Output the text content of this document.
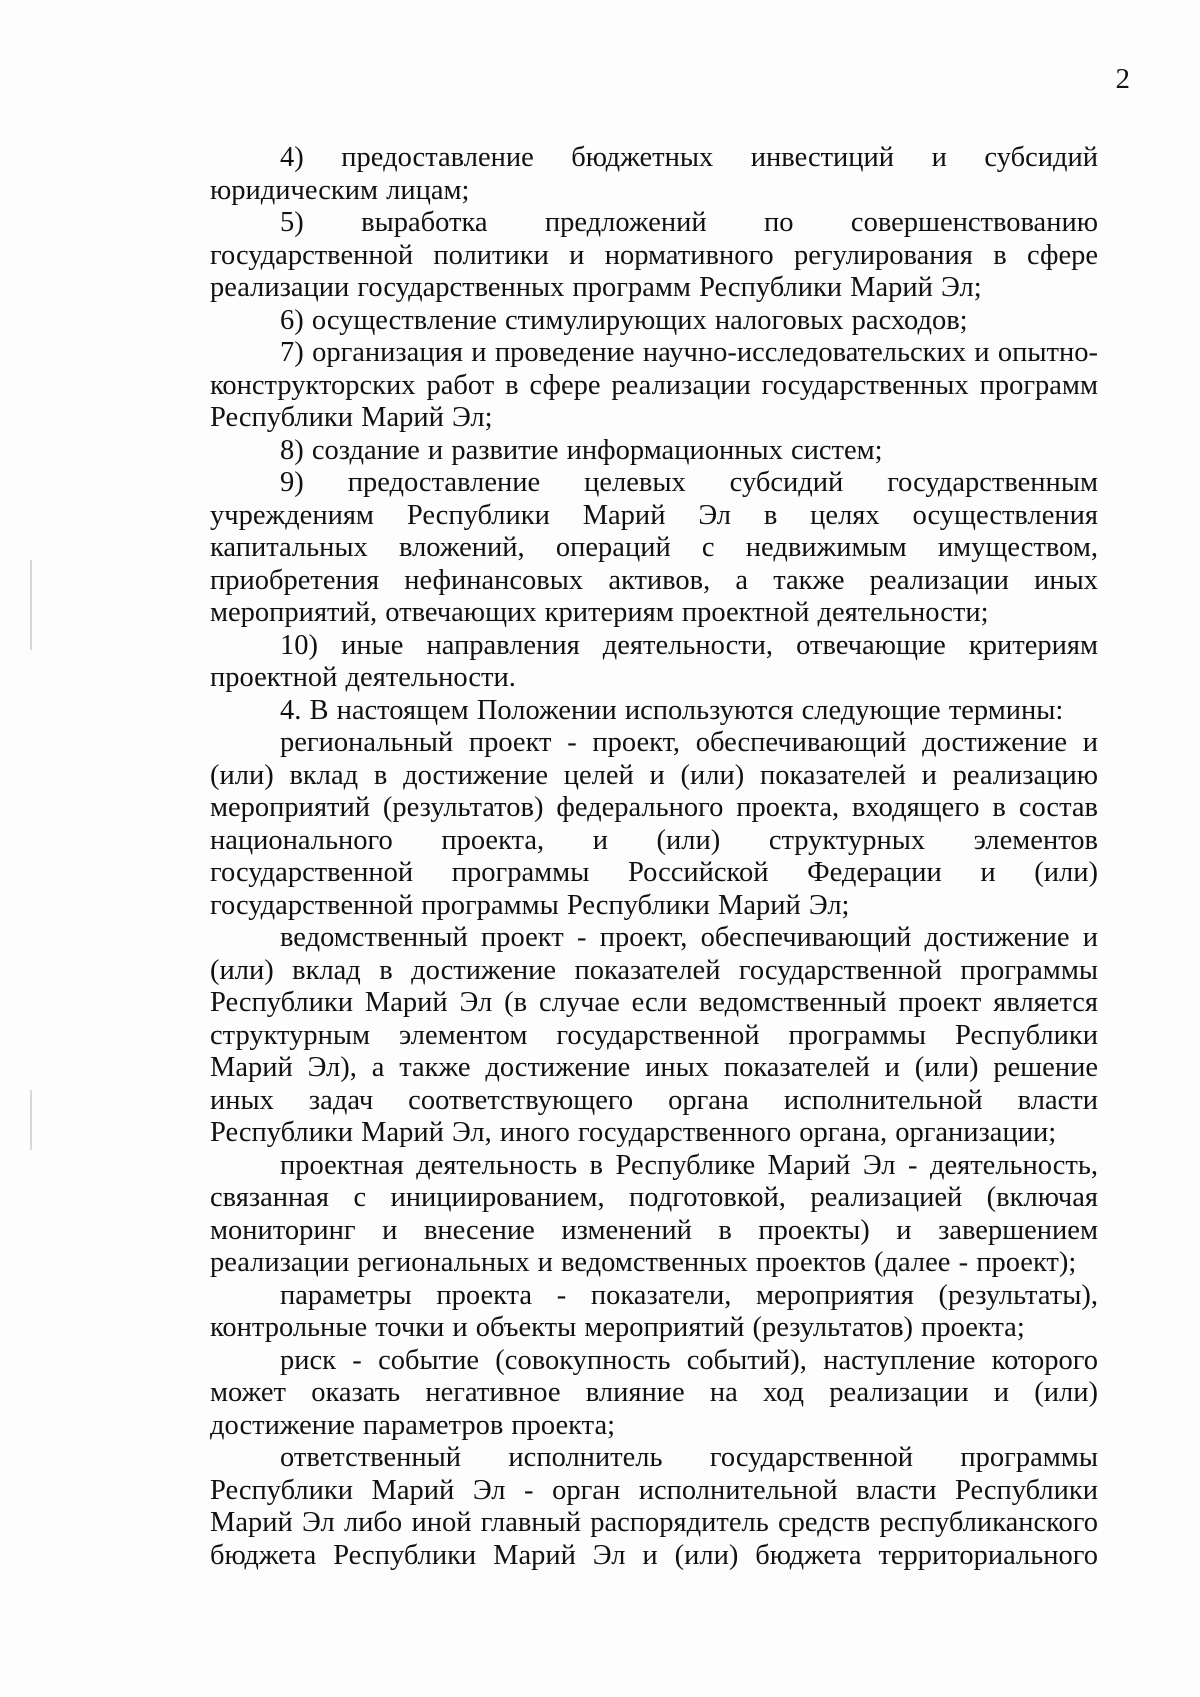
2

4) предоставление бюджетных инвестиций и субсидий юридическим лицам;

5) выработка предложений по совершенствованию государственной политики и нормативного регулирования в сфере реализации государственных программ Республики Марий Эл;

6) осуществление стимулирующих налоговых расходов;

7) организация и проведение научно-исследовательских и опытно-конструкторских работ в сфере реализации государственных программ Республики Марий Эл;

8) создание и развитие информационных систем;

9) предоставление целевых субсидий государственным учреждениям Республики Марий Эл в целях осуществления капитальных вложений, операций с недвижимым имуществом, приобретения нефинансовых активов, а также реализации иных мероприятий, отвечающих критериям проектной деятельности;

10) иные направления деятельности, отвечающие критериям проектной деятельности.

4. В настоящем Положении используются следующие термины:

региональный проект - проект, обеспечивающий достижение и (или) вклад в достижение целей и (или) показателей и реализацию мероприятий (результатов) федерального проекта, входящего в состав национального проекта, и (или) структурных элементов государственной программы Российской Федерации и (или) государственной программы Республики Марий Эл;

ведомственный проект - проект, обеспечивающий достижение и (или) вклад в достижение показателей государственной программы Республики Марий Эл (в случае если ведомственный проект является структурным элементом государственной программы Республики Марий Эл), а также достижение иных показателей и (или) решение иных задач соответствующего органа исполнительной власти Республики Марий Эл, иного государственного органа, организации;

проектная деятельность в Республике Марий Эл - деятельность, связанная с инициированием, подготовкой, реализацией (включая мониторинг и внесение изменений в проекты) и завершением реализации региональных и ведомственных проектов (далее - проект);

параметры проекта - показатели, мероприятия (результаты), контрольные точки и объекты мероприятий (результатов) проекта;

риск - событие (совокупность событий), наступление которого может оказать негативное влияние на ход реализации и (или) достижение параметров проекта;

ответственный исполнитель государственной программы Республики Марий Эл - орган исполнительной власти Республики Марий Эл либо иной главный распорядитель средств республиканского бюджета Республики Марий Эл и (или) бюджета территориального
